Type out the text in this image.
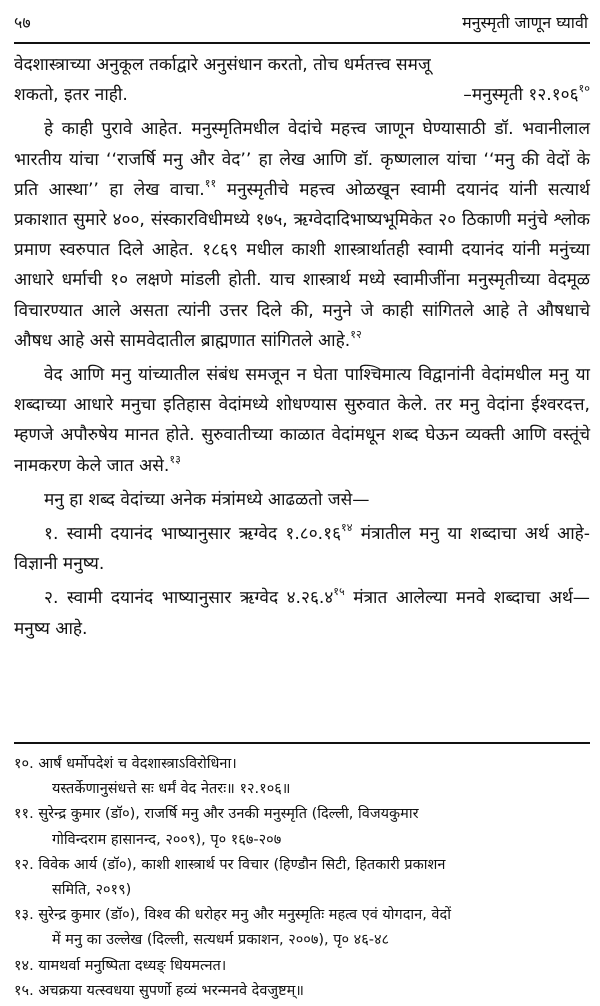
५७	मनुस्मृती जाणून घ्यावी

वेदशास्त्राच्या अनुकूल तर्काद्वारे अनुसंधान करतो, तोच धर्मतत्त्व समजू
शकतो, इतर नाही.	–मनुस्मृती १२.१०६$^{१०}$

हे काही पुरावे आहेत. मनुस्मृतिमधील वेदांचे महत्त्व जाणून घेण्यासाठी डॉ. भवानीलाल भारतीय यांचा ‘‘राजर्षि मनु और वेद’’ हा लेख आणि डॉ. कृष्णलाल यांचा ‘‘मनु की वेदों के प्रति आस्था’’ हा लेख वाचा.$^{११}$ मनुस्मृतीचे महत्त्व ओळखून स्वामी दयानंद यांनी सत्यार्थ प्रकाशात सुमारे ४००, संस्कारविधीमध्ये १७५, ऋग्वेदादिभाष्यभूमिकेत २० ठिकाणी मनुंचे श्लोक प्रमाण स्वरुपात दिले आहेत. १८६९ मधील काशी शास्त्रार्थातही स्वामी दयानंद यांनी मनुंच्या आधारे धर्माची १० लक्षणे मांडली होती. याच शास्त्रार्थ मध्ये स्वामीजींना मनुस्मृतीच्या वेदमूळ विचारण्यात आले असता त्यांनी उत्तर दिले की, मनुने जे काही सांगितले आहे ते औषधाचे औषध आहे असे सामवेदातील ब्राह्मणात सांगितले आहे.$^{१२}$

वेद आणि मनु यांच्यातील संबंध समजून न घेता पाश्चिमात्य विद्वानांनी वेदांमधील मनु या शब्दाच्या आधारे मनुचा इतिहास वेदांमध्ये शोधण्यास सुरुवात केले. तर मनु वेदांना ईश्वरदत्त, म्हणजे अपौरुषेय मानत होते. सुरुवातीच्या काळात वेदांमधून शब्द घेऊन व्यक्ती आणि वस्तूंचे नामकरण केले जात असे.$^{१३}$

मनु हा शब्द वेदांच्या अनेक मंत्रांमध्ये आढळतो जसे—

१. स्वामी दयानंद भाष्यानुसार ऋग्वेद १.८०.१६$^{१४}$ मंत्रातील मनु या शब्दाचा अर्थ आहे- विज्ञानी मनुष्य.

२. स्वामी दयानंद भाष्यानुसार ऋग्वेद ४.२६.४$^{१५}$ मंत्रात आलेल्या मनवे शब्दाचा अर्थ—मनुष्य आहे.

१०. आर्षं धर्मोपदेशं च वेदशास्त्राऽविरोधिना।
यस्तर्केणानुसंधत्ते सः धर्मं वेद नेतरः॥ १२.१०६॥

११. सुरेन्द्र कुमार (डॉ०), राजर्षि मनु और उनकी मनुस्मृति (दिल्ली, विजयकुमार
गोविन्दराम हासानन्द, २००९), पृ० १६७-२०७

१२. विवेक आर्य (डॉ०), काशी शास्त्रार्थ पर विचार (हिण्डौन सिटी, हितकारी प्रकाशन
समिति, २०१९)

१३. सुरेन्द्र कुमार (डॉ०), विश्व की धरोहर मनु और मनुस्मृतिः महत्व एवं योगदान, वेदों
में मनु का उल्लेख (दिल्ली, सत्यधर्म प्रकाशन, २००७), पृ० ४६-४८

१४. यामथर्वा मनुष्पिता दध्यङ् धियमत्नत।

१५. अचक्रया यत्स्वधया सुपर्णो हव्यं भरन्मनवे देवजुष्टम्॥
